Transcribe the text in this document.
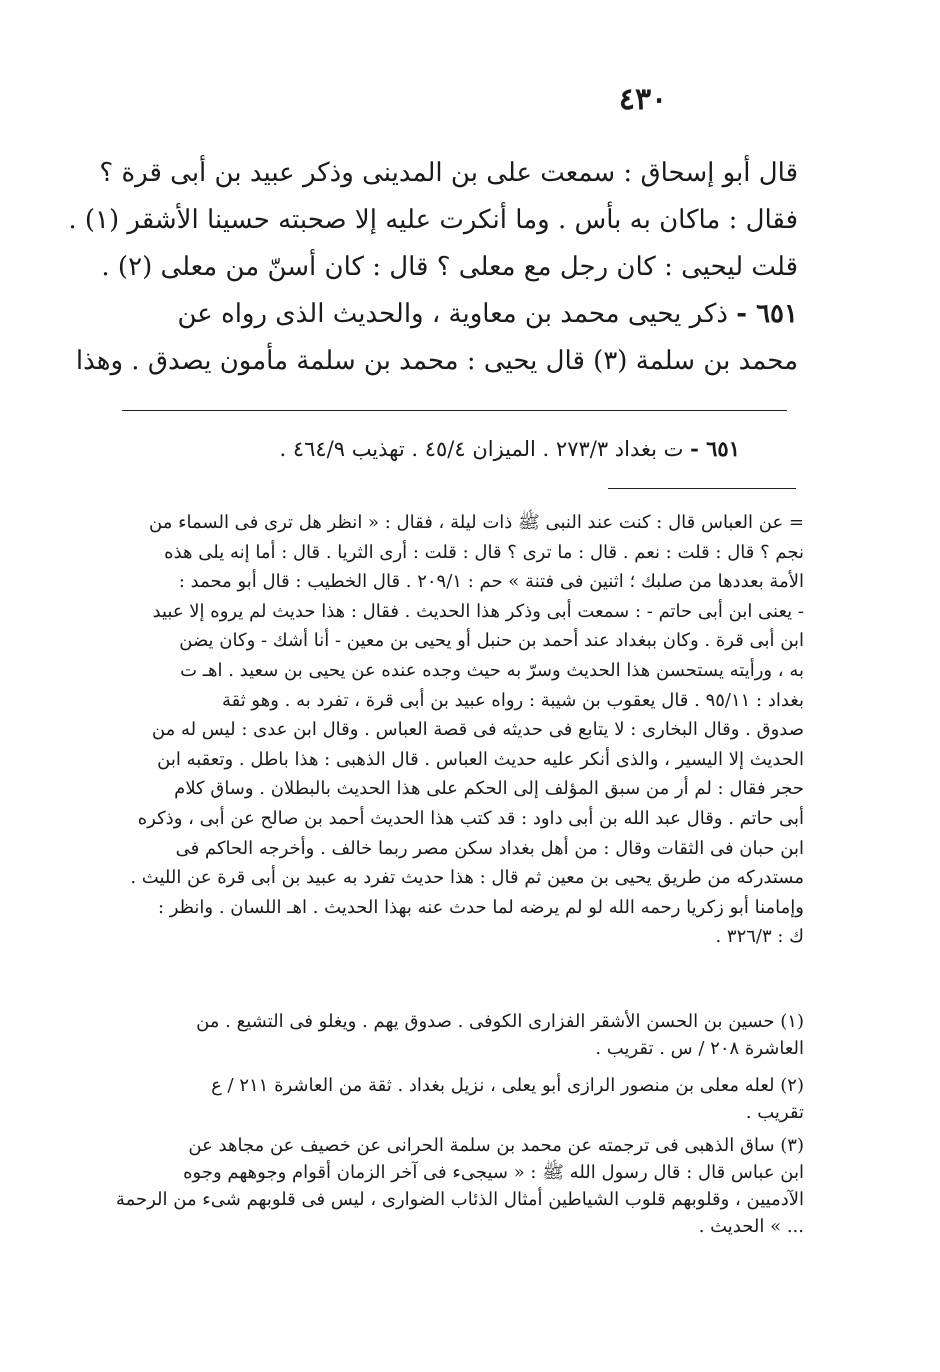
٤٣٠

قال أبو إسحاق : سمعت على بن المدينى وذكر عبيد بن أبى قرة ؟

فقال : ماكان به بأس . وما أنكرت عليه إلا صحبته حسينا الأشقر (١) .

قلت ليحيى : كان رجل مع معلى ؟ قال : كان أسنّ من معلى (٢) .

٦٥١ - ذكر يحيى محمد بن معاوية ، والحديث الذى رواه عن

محمد بن سلمة (٣) قال يحيى : محمد بن سلمة مأمون يصدق . وهذا

٦٥١ - ت بغداد ٢٧٣/٣ . الميزان ٤٥/٤ . تهذيب ٤٦٤/٩ .

= عن العباس قال : كنت عند النبى ﷺ ذات ليلة ، فقال : « انظر هل ترى فى السماء من

نجم ؟ قال : قلت : نعم . قال : ما ترى ؟ قال : قلت : أرى الثريا . قال : أما إنه يلى هذه

الأمة بعددها من صلبك ؛ اثنين فى فتنة » حم : ٢٠٩/١ . قال الخطيب : قال أبو محمد :

- يعنى ابن أبى حاتم - : سمعت أبى وذكر هذا الحديث . فقال : هذا حديث لم يروه إلا عبيد

ابن أبى قرة . وكان ببغداد عند أحمد بن حنبل أو يحيى بن معين - أنا أشك - وكان يضن

به ، ورأيته يستحسن هذا الحديث وسرّ به حيث وجده عنده عن يحيى بن سعيد . اهـ ت

بغداد : ٩٥/١١ . قال يعقوب بن شيبة : رواه عبيد بن أبى قرة ، تفرد به . وهو ثقة

صدوق . وقال البخارى : لا يتابع فى حديثه فى قصة العباس . وقال ابن عدى : ليس له من

الحديث إلا اليسير ، والذى أنكر عليه حديث العباس . قال الذهبى : هذا باطل . وتعقبه ابن

حجر فقال : لم أر من سبق المؤلف إلى الحكم على هذا الحديث بالبطلان . وساق كلام

أبى حاتم . وقال عبد الله بن أبى داود : قد كتب هذا الحديث أحمد بن صالح عن أبى ، وذكره

ابن حبان فى الثقات وقال : من أهل بغداد سكن مصر ربما خالف . وأخرجه الحاكم فى

مستدركه من طريق يحيى بن معين ثم قال : هذا حديث تفرد به عبيد بن أبى قرة عن الليث .

وإمامنا أبو زكريا رحمه الله لو لم يرضه لما حدث عنه بهذا الحديث . اهـ اللسان . وانظر :

ك : ٣٢٦/٣ .

(١) حسين بن الحسن الأشقر الفزارى الكوفى . صدوق يهم . ويغلو فى التشيع . من

العاشرة ٢٠٨ / س . تقريب .

(٢) لعله معلى بن منصور الرازى أبو يعلى ، نزيل بغداد . ثقة من العاشرة ٢١١ / ع

تقريب .

(٣) ساق الذهبى فى ترجمته عن محمد بن سلمة الحرانى عن خصيف عن مجاهد عن

ابن عباس قال : قال رسول الله ﷺ : « سيجىء فى آخر الزمان أقوام وجوههم وجوه

الآدميين ، وقلوبهم قلوب الشياطين أمثال الذئاب الضوارى ، ليس فى قلوبهم شىء من الرحمة

... » الحديث .
